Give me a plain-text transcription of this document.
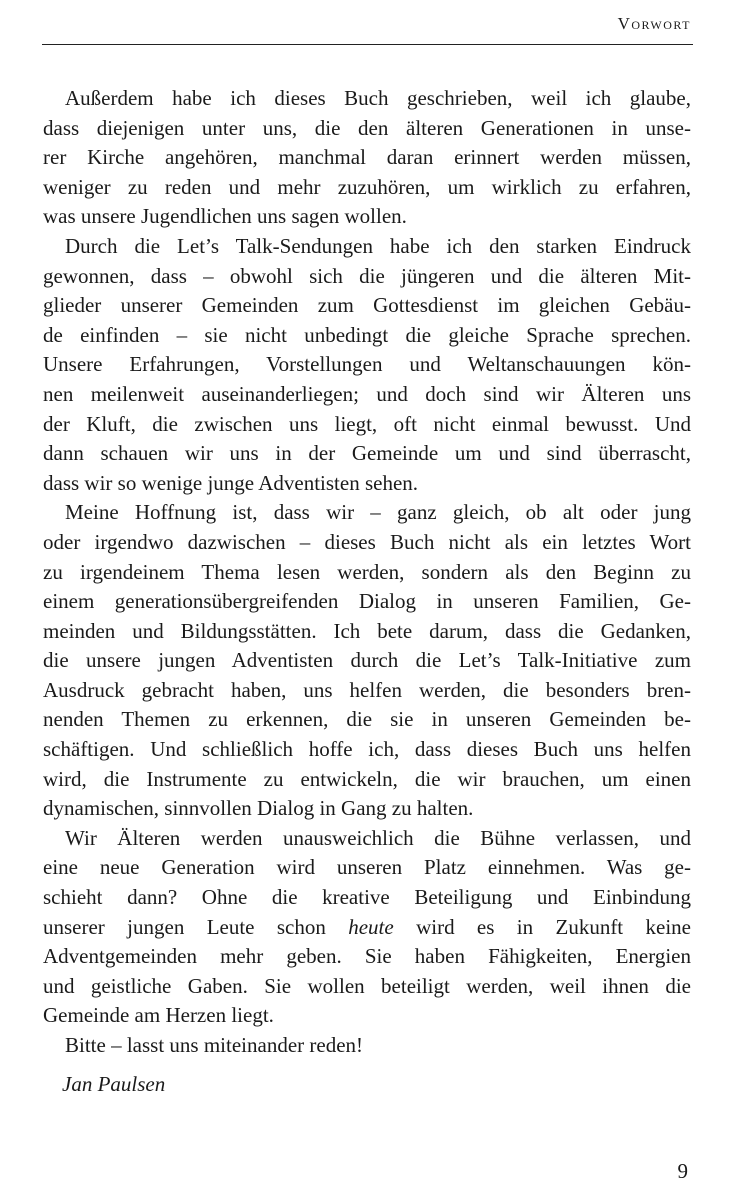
Vorwort

Außerdem habe ich dieses Buch geschrieben, weil ich glaube,
dass diejenigen unter uns, die den älteren Generationen in unse-
rer Kirche angehören, manchmal daran erinnert werden müssen,
weniger zu reden und mehr zuzuhören, um wirklich zu erfahren,
was unsere Jugendlichen uns sagen wollen.

Durch die Let’s Talk-Sendungen habe ich den starken Eindruck
gewonnen, dass – obwohl sich die jüngeren und die älteren Mit-
glieder unserer Gemeinden zum Gottesdienst im gleichen Gebäu-
de einfinden – sie nicht unbedingt die gleiche Sprache sprechen.
Unsere Erfahrungen, Vorstellungen und Weltanschauungen kön-
nen meilenweit auseinanderliegen; und doch sind wir Älteren uns
der Kluft, die zwischen uns liegt, oft nicht einmal bewusst. Und
dann schauen wir uns in der Gemeinde um und sind überrascht,
dass wir so wenige junge Adventisten sehen.

Meine Hoffnung ist, dass wir – ganz gleich, ob alt oder jung
oder irgendwo dazwischen – dieses Buch nicht als ein letztes Wort
zu irgendeinem Thema lesen werden, sondern als den Beginn zu
einem generationsübergreifenden Dialog in unseren Familien, Ge-
meinden und Bildungsstätten. Ich bete darum, dass die Gedanken,
die unsere jungen Adventisten durch die Let’s Talk-Initiative zum
Ausdruck gebracht haben, uns helfen werden, die besonders bren-
nenden Themen zu erkennen, die sie in unseren Gemeinden be-
schäftigen. Und schließlich hoffe ich, dass dieses Buch uns helfen
wird, die Instrumente zu entwickeln, die wir brauchen, um einen
dynamischen, sinnvollen Dialog in Gang zu halten.

Wir Älteren werden unausweichlich die Bühne verlassen, und
eine neue Generation wird unseren Platz einnehmen. Was ge-
schieht dann? Ohne die kreative Beteiligung und Einbindung
unserer jungen Leute schon heute wird es in Zukunft keine
Adventgemeinden mehr geben. Sie haben Fähigkeiten, Energien
und geistliche Gaben. Sie wollen beteiligt werden, weil ihnen die
Gemeinde am Herzen liegt.

Bitte – lasst uns miteinander reden!

Jan Paulsen
9
